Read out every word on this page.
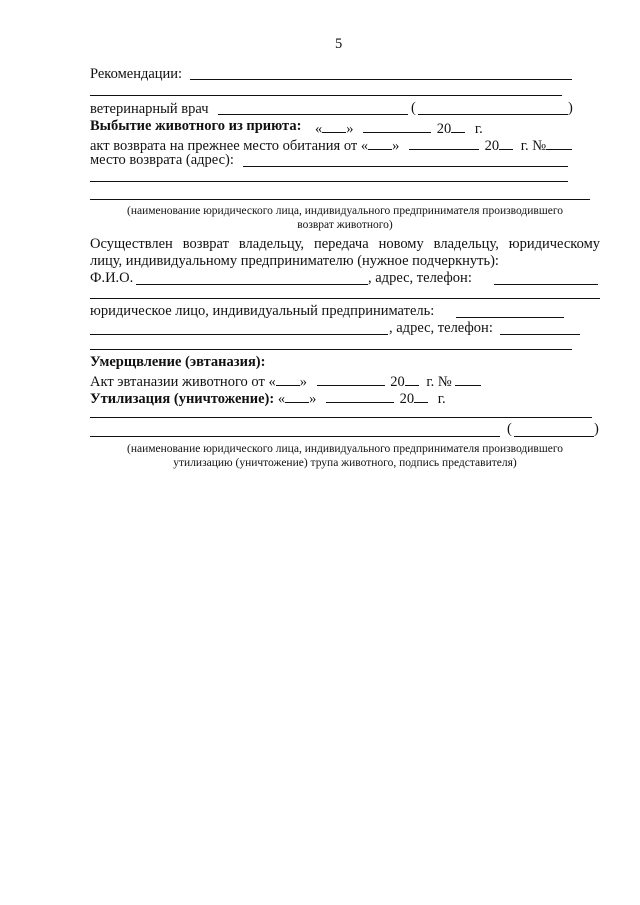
5
Рекомендации:
ветеринарный врач	(	)
Выбытие животного из приюта: « »	20 г.
акт возврата на прежнее место обитания от « »	20 г. №
место возврата (адрес):
(наименование юридического лица, индивидуального предпринимателя производившего
возврат животного)
Осуществлен возврат владельцу, передача новому владельцу, юридическому
лицу, индивидуальному предпринимателю (нужное подчеркнуть):
Ф.И.О.	, адрес, телефон:
юридическое лицо, индивидуальный предприниматель:
, адрес, телефон:
Умерщвление (эвтаназия):
Акт эвтаназии животного от « »	20 г. №
Утилизация (уничтожение): « »	20 г.
(	)
(наименование юридического лица, индивидуального предпринимателя производившего
утилизацию (уничтожение) трупа животного, подпись представителя)
